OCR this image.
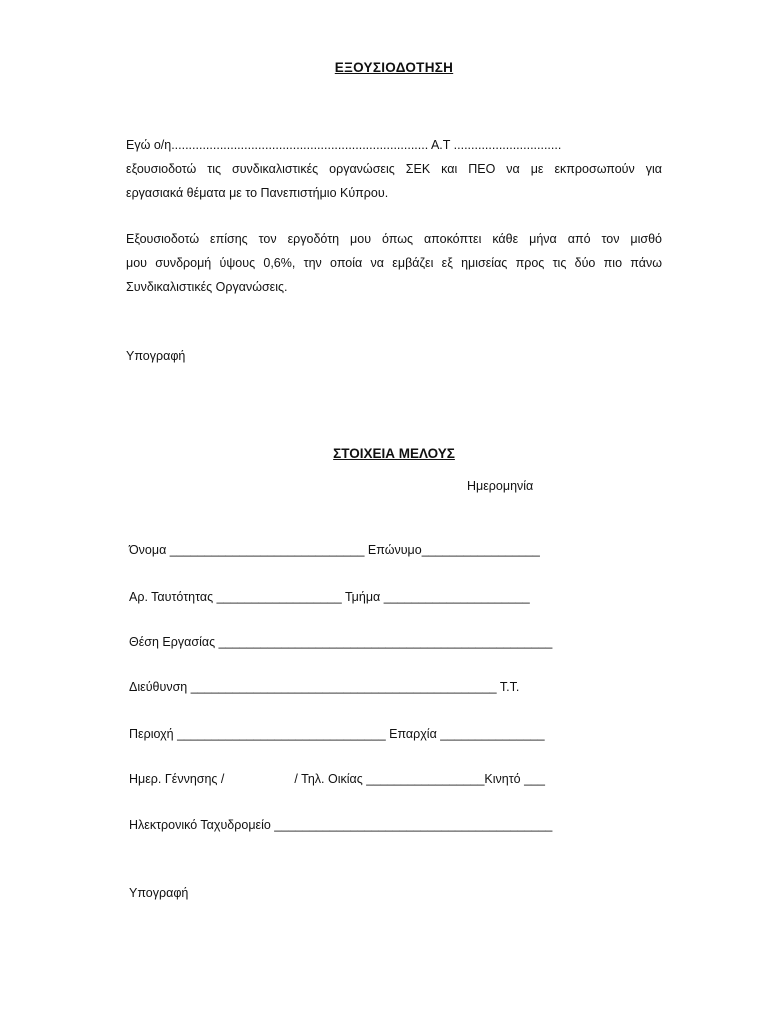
ΕΞΟΥΣΙΟΔΟΤΗΣΗ
Εγώ ο/η.......................................................................... Α.Τ ...............................
εξουσιοδοτώ τις συνδικαλιστικές οργανώσεις ΣΕΚ και ΠΕΟ να με εκπροσωπούν για
εργασιακά θέματα με το Πανεπιστήμιο Κύπρου.
Εξουσιοδοτώ επίσης τον εργοδότη μου όπως αποκόπτει κάθε μήνα από τον μισθό
μου συνδρομή ύψους 0,6%, την οποία να εμβάζει εξ ημισείας προς τις δύο πιο πάνω
Συνδικαλιστικές Οργανώσεις.
Υπογραφή
ΣΤΟΙΧΕΙΑ ΜΕΛΟΥΣ
Ημερομηνία
Όνομα ____________________________ Επώνυμο_________________
Αρ. Ταυτότητας __________________ Τμήμα _____________________
Θέση Εργασίας ________________________________________________
Διεύθυνση ____________________________________________ Τ.Τ.
Περιοχή ______________________________ Επαρχία _______________
Ημερ. Γέννησης /	/ Τηλ. Οικίας _________________Κινητό ___
Ηλεκτρονικό Ταχυδρομείο ________________________________________
Υπογραφή
